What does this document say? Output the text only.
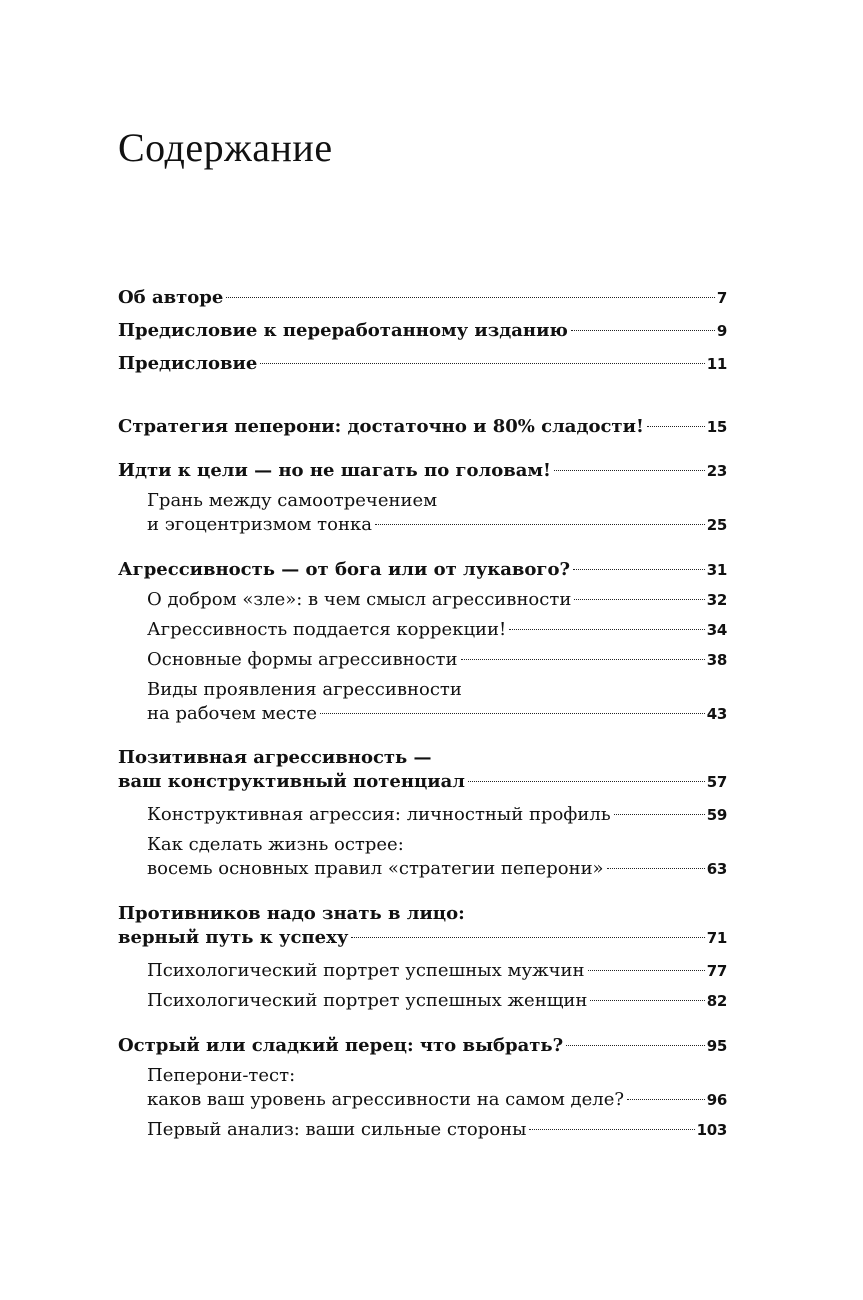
Содержание
Об авторе	7
Предисловие к переработанному изданию	9
Предисловие	11
Стратегия пеперони: достаточно и 80% сладости!	15
Идти к цели — но не шагать по головам!	23
Грань между самоотречением
и эгоцентризмом тонка	25
Агрессивность — от бога или от лукавого?	31
О добром «зле»: в чем смысл агрессивности	32
Агрессивность поддается коррекции!	34
Основные формы агрессивности	38
Виды проявления агрессивности
на рабочем месте	43
Позитивная агрессивность —
ваш конструктивный потенциал	57
Конструктивная агрессия: личностный профиль	59
Как сделать жизнь острее:
восемь основных правил «стратегии пеперони»	63
Противников надо знать в лицо:
верный путь к успеху	71
Психологический портрет успешных мужчин	77
Психологический портрет успешных женщин	82
Острый или сладкий перец: что выбрать?	95
Пеперони-тест:
каков ваш уровень агрессивности на самом деле?	96
Первый анализ: ваши сильные стороны	103
